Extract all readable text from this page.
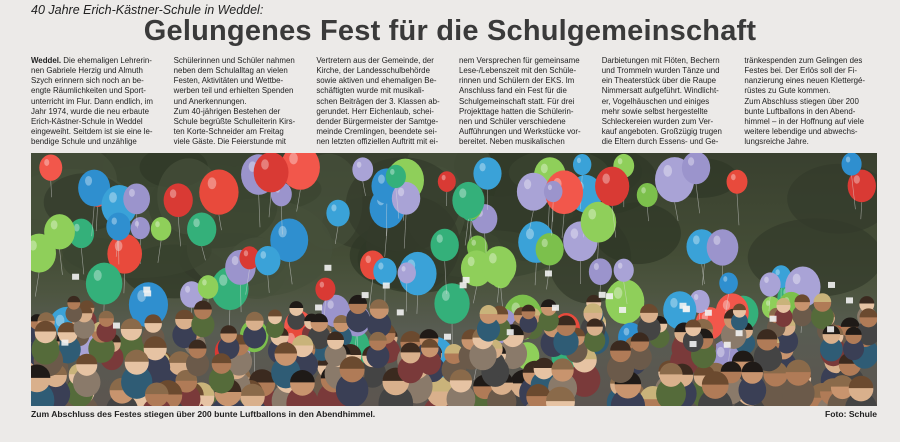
40 Jahre Erich-Kästner-Schule in Weddel:
Gelungenes Fest für die Schulgemeinschaft
Weddel. Die ehemaligen Lehrerin-
nen Gabriele Herzig und Almuth
Szych erinnern sich noch an be-
engte Räumlichkeiten und Sport-
unterricht im Flur. Dann endlich, im
Jahr 1974, wurde die neu erbaute
Erich-Kästner-Schule in Weddel
eingeweiht. Seitdem ist sie eine le-
bendige Schule und unzählige
Schülerinnen und Schüler nahmen
neben dem Schulalltag an vielen
Festen, Aktivitäten und Wettbe-
werben teil und erhielten Spenden
und Anerkennungen.
Zum 40-jährigen Bestehen der
Schule begrüßte Schulleiterin Kirs-
ten Korte-Schneider am Freitag
viele Gäste. Die Feierstunde mit
Vertretern aus der Gemeinde, der
Kirche, der Landesschulbehörde
sowie aktiven und ehemaligen Be-
schäftigten wurde mit musikali-
schen Beiträgen der 3. Klassen ab-
gerundet. Herr Eichenlaub, schei-
dender Bürgermeister der Samtge-
meinde Cremlingen, beendete sei-
nen letzten offiziellen Auftritt mit ei-
nem Versprechen für gemeinsame
Lese-/Lebenszeit mit den Schüle-
rinnen und Schülern der EKS. Im
Anschluss fand ein Fest für die
Schulgemeinschaft statt. Für drei
Projekttage hatten die Schülerin-
nen und Schüler verschiedene
Aufführungen und Werkstücke vor-
bereitet. Neben musikalischen
Darbietungen mit Flöten, Bechern
und Trommeln wurden Tänze und
ein Theaterstück über die Raupe
Nimmersatt aufgeführt. Windlicht-
er, Vogelhäuschen und einiges
mehr sowie selbst hergestellte
Schleckereien wurden zum Ver-
kauf angeboten. Großzügig trugen
die Eltern durch Essens- und Ge-
tränkespenden zum Gelingen des
Festes bei. Der Erlös soll der Fi-
nanzierung eines neuen Klettergé-
rüstes zu Gute kommen.
Zum Abschluss stiegen über 200
bunte Luftballons in den Abend-
himmel – in der Hoffnung auf viele
weitere lebendige und abwechs-
lungsreiche Jahre.
Zum Abschluss des Festes stiegen über 200 bunte Luftballons in den Abendhimmel.	Foto: Schule
